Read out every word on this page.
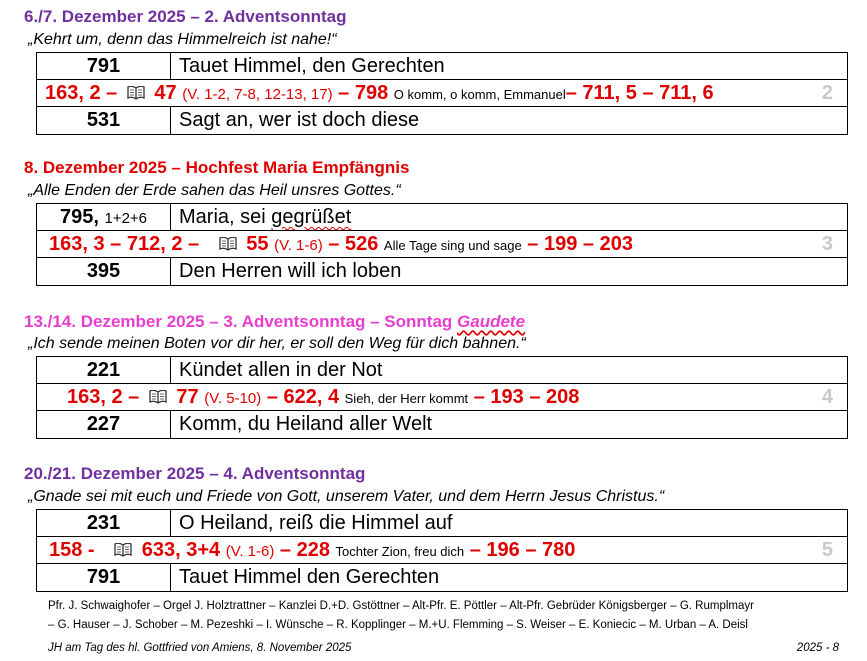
6./7. Dezember 2025 – 2. Adventsonntag
„Kehrt um, denn das Himmelreich ist nahe!“
791	Tauet Himmel, den Gerechten
163, 2 – 47 (V. 1-2, 7-8, 12-13, 17) – 798 O komm, o komm, Emmanuel– 711, 5 – 711, 6	2
531	Sagt an, wer ist doch diese
8. Dezember 2025 – Hochfest Maria Empfängnis
„Alle Enden der Erde sahen das Heil unsres Gottes.“
795, 1+2+6	Maria, sei gegrüßet
163, 3 – 712, 2 – 55 (V. 1-6) – 526 Alle Tage sing und sage – 199 – 203	3
395	Den Herren will ich loben
13./14. Dezember 2025 – 3. Adventsonntag – Sonntag Gaudete
„Ich sende meinen Boten vor dir her, er soll den Weg für dich bahnen.“
221	Kündet allen in der Not
163, 2 – 77 (V. 5-10) – 622, 4 Sieh, der Herr kommt – 193 – 208	4
227	Komm, du Heiland aller Welt
20./21. Dezember 2025 – 4. Adventsonntag
„Gnade sei mit euch und Friede von Gott, unserem Vater, und dem Herrn Jesus Christus.“
231	O Heiland, reiß die Himmel auf
158 - 633, 3+4 (V. 1-6) – 228 Tochter Zion, freu dich – 196 – 780	5
791	Tauet Himmel den Gerechten
Pfr. J. Schwaighofer – Orgel J. Holztrattner – Kanzlei D.+D. Gstöttner – Alt-Pfr. E. Pöttler – Alt-Pfr. Gebrüder Königsberger – G. Rumplmayr
– G. Hauser – J. Schober – M. Pezeshki – I. Wünsche – R. Kopplinger – M.+U. Flemming – S. Weiser – E. Koniecic – M. Urban – A. Deisl
JH am Tag des hl. Gottfried von Amiens, 8. November 2025	2025 - 8
